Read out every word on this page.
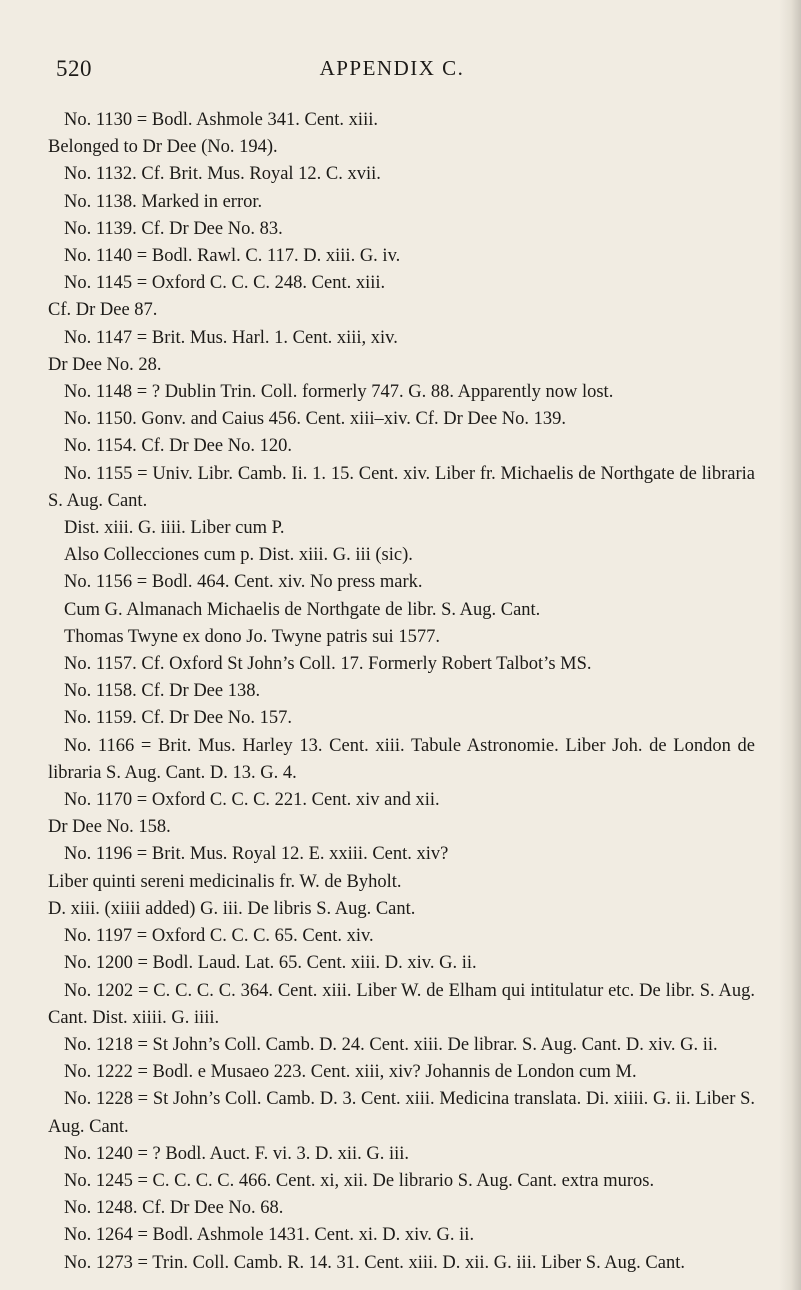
520	APPENDIX C.

No. 1130 = Bodl. Ashmole 341. Cent. xiii.

Belonged to Dr Dee (No. 194).

No. 1132. Cf. Brit. Mus. Royal 12. C. xvii.

No. 1138. Marked in error.

No. 1139. Cf. Dr Dee No. 83.

No. 1140 = Bodl. Rawl. C. 117. D. xiii. G. iv.

No. 1145 = Oxford C. C. C. 248. Cent. xiii.

Cf. Dr Dee 87.

No. 1147 = Brit. Mus. Harl. 1. Cent. xiii, xiv.

Dr Dee No. 28.

No. 1148 = ? Dublin Trin. Coll. formerly 747. G. 88. Apparently now lost.

No. 1150. Gonv. and Caius 456. Cent. xiii–xiv. Cf. Dr Dee No. 139.

No. 1154. Cf. Dr Dee No. 120.

No. 1155 = Univ. Libr. Camb. Ii. 1. 15. Cent. xiv. Liber fr. Michaelis de Northgate de libraria S. Aug. Cant.

Dist. xiii. G. iiii. Liber cum P.

Also Collecciones cum p. Dist. xiii. G. iii (sic).

No. 1156 = Bodl. 464. Cent. xiv. No press mark.

Cum G. Almanach Michaelis de Northgate de libr. S. Aug. Cant.

Thomas Twyne ex dono Jo. Twyne patris sui 1577.

No. 1157. Cf. Oxford St John’s Coll. 17. Formerly Robert Talbot’s MS.

No. 1158. Cf. Dr Dee 138.

No. 1159. Cf. Dr Dee No. 157.

No. 1166 = Brit. Mus. Harley 13. Cent. xiii. Tabule Astronomie. Liber Joh. de London de libraria S. Aug. Cant. D. 13. G. 4.

No. 1170 = Oxford C. C. C. 221. Cent. xiv and xii.

Dr Dee No. 158.

No. 1196 = Brit. Mus. Royal 12. E. xxiii. Cent. xiv?

Liber quinti sereni medicinalis fr. W. de Byholt.

D. xiii. (xiiii added) G. iii. De libris S. Aug. Cant.

No. 1197 = Oxford C. C. C. 65. Cent. xiv.

No. 1200 = Bodl. Laud. Lat. 65. Cent. xiii. D. xiv. G. ii.

No. 1202 = C. C. C. C. 364. Cent. xiii. Liber W. de Elham qui intitulatur etc. De libr. S. Aug. Cant. Dist. xiiii. G. iiii.

No. 1218 = St John’s Coll. Camb. D. 24. Cent. xiii. De librar. S. Aug. Cant. D. xiv. G. ii.

No. 1222 = Bodl. e Musaeo 223. Cent. xiii, xiv? Johannis de London cum M.

No. 1228 = St John’s Coll. Camb. D. 3. Cent. xiii. Medicina translata. Di. xiiii. G. ii. Liber S. Aug. Cant.

No. 1240 = ? Bodl. Auct. F. vi. 3. D. xii. G. iii.

No. 1245 = C. C. C. C. 466. Cent. xi, xii. De librario S. Aug. Cant. extra muros.

No. 1248. Cf. Dr Dee No. 68.

No. 1264 = Bodl. Ashmole 1431. Cent. xi. D. xiv. G. ii.

No. 1273 = Trin. Coll. Camb. R. 14. 31. Cent. xiii. D. xii. G. iii. Liber S. Aug. Cant.
